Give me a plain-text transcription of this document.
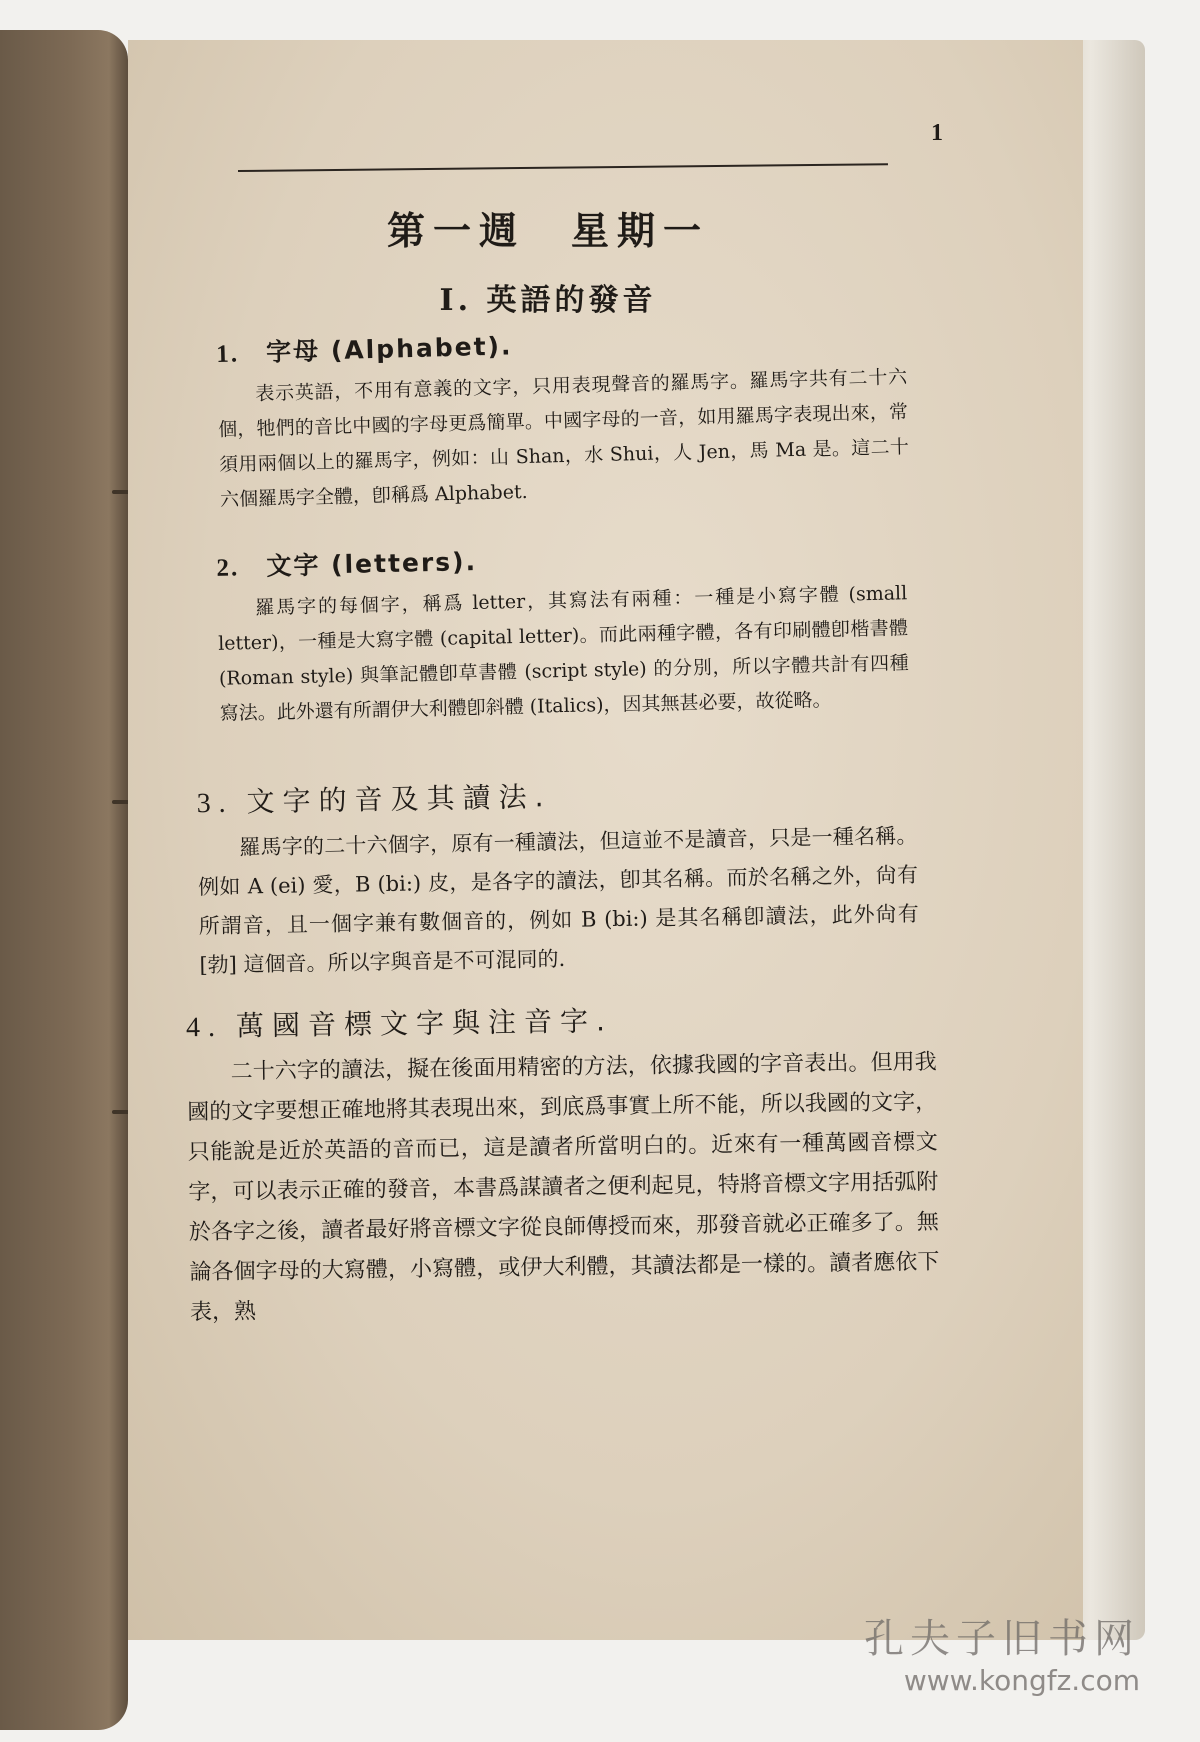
1
第一週　星期一
I. 英語的發音
1. 字母 (Alphabet).

表示英語，不用有意義的文字，只用表現聲音的羅馬字。羅馬字共有二十六個，牠們的音比中國的字母更爲簡單。中國字母的一音，如用羅馬字表現出來，常須用兩個以上的羅馬字，例如：山 Shan，水 Shui，人 Jen，馬 Ma 是。這二十六個羅馬字全體，卽稱爲 Alphabet.

2. 文字 (letters).

羅馬字的每個字，稱爲 letter，其寫法有兩種：一種是小寫字體 (small letter)，一種是大寫字體 (capital letter)。而此兩種字體，各有印刷體卽楷書體 (Roman style) 與筆記體卽草書體 (script style) 的分別，所以字體共計有四種寫法。此外還有所謂伊大利體卽斜體 (Italics)，因其無甚必要，故從略。

3. 文字的音及其讀法.

羅馬字的二十六個字，原有一種讀法，但這並不是讀音，只是一種名稱。例如 A (ei) 愛，B (bi:) 皮，是各字的讀法，卽其名稱。而於名稱之外，尙有所謂音，且一個字兼有數個音的，例如 B (bi:) 是其名稱卽讀法，此外尙有 [勃] 這個音。所以字與音是不可混同的.

4. 萬國音標文字與注音字.

二十六字的讀法，擬在後面用精密的方法，依據我國的字音表出。但用我國的文字要想正確地將其表現出來，到底爲事實上所不能，所以我國的文字，只能說是近於英語的音而已，這是讀者所當明白的。近來有一種萬國音標文字，可以表示正確的發音，本書爲謀讀者之便利起見，特將音標文字用括弧附於各字之後，讀者最好將音標文字從良師傳授而來，那發音就必正確多了。無論各個字母的大寫體，小寫體，或伊大利體，其讀法都是一樣的。讀者應依下表，熟

孔夫子旧书网
www.kongfz.com
